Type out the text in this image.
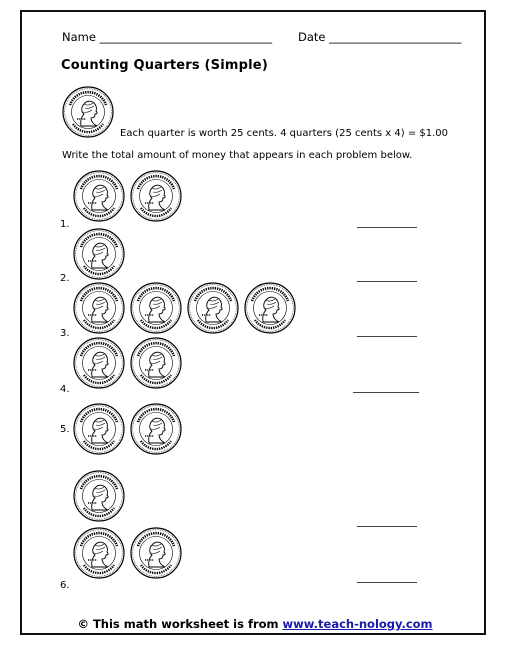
Name ______________________________ Date _______________________
Counting Quarters (Simple)
Each quarter is worth 25 cents. 4 quarters (25 cents x 4) = $1.00
Write the total amount of money that appears in each problem below.
1.
2.
3.
4.
5.
6.
© This math worksheet is from www.teach-nology.com
